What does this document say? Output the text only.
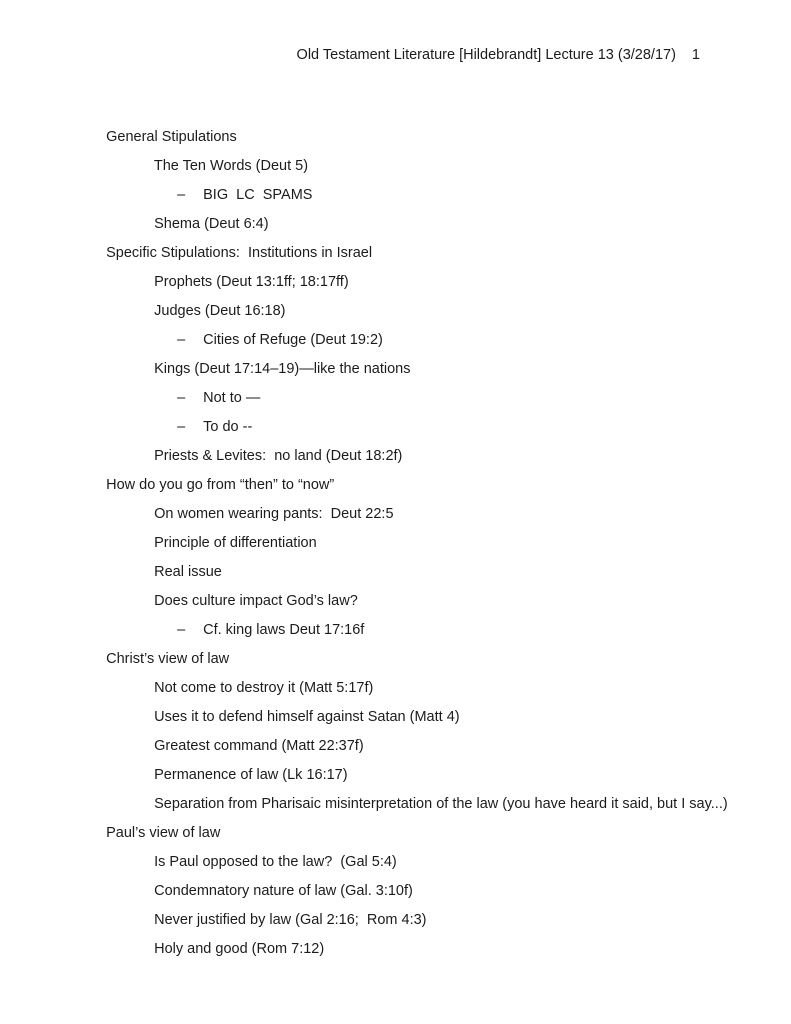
Old Testament Literature [Hildebrandt] Lecture 13 (3/28/17) 1

General Stipulations

The Ten Words (Deut 5)

– BIG  LC  SPAMS

Shema (Deut 6:4)

Specific Stipulations:  Institutions in Israel

Prophets (Deut 13:1ff; 18:17ff)

Judges (Deut 16:18)

– Cities of Refuge (Deut 19:2)

Kings (Deut 17:14–19)—like the nations

– Not to —

– To do --

Priests & Levites:  no land (Deut 18:2f)

How do you go from “then” to “now”

On women wearing pants:  Deut 22:5

Principle of differentiation

Real issue

Does culture impact God’s law?

– Cf. king laws Deut 17:16f

Christ’s view of law

Not come to destroy it (Matt 5:17f)

Uses it to defend himself against Satan (Matt 4)

Greatest command (Matt 22:37f)

Permanence of law (Lk 16:17)

Separation from Pharisaic misinterpretation of the law (you have heard it said, but I say...)

Paul’s view of law

Is Paul opposed to the law?  (Gal 5:4)

Condemnatory nature of law (Gal. 3:10f)

Never justified by law (Gal 2:16;  Rom 4:3)

Holy and good (Rom 7:12)
